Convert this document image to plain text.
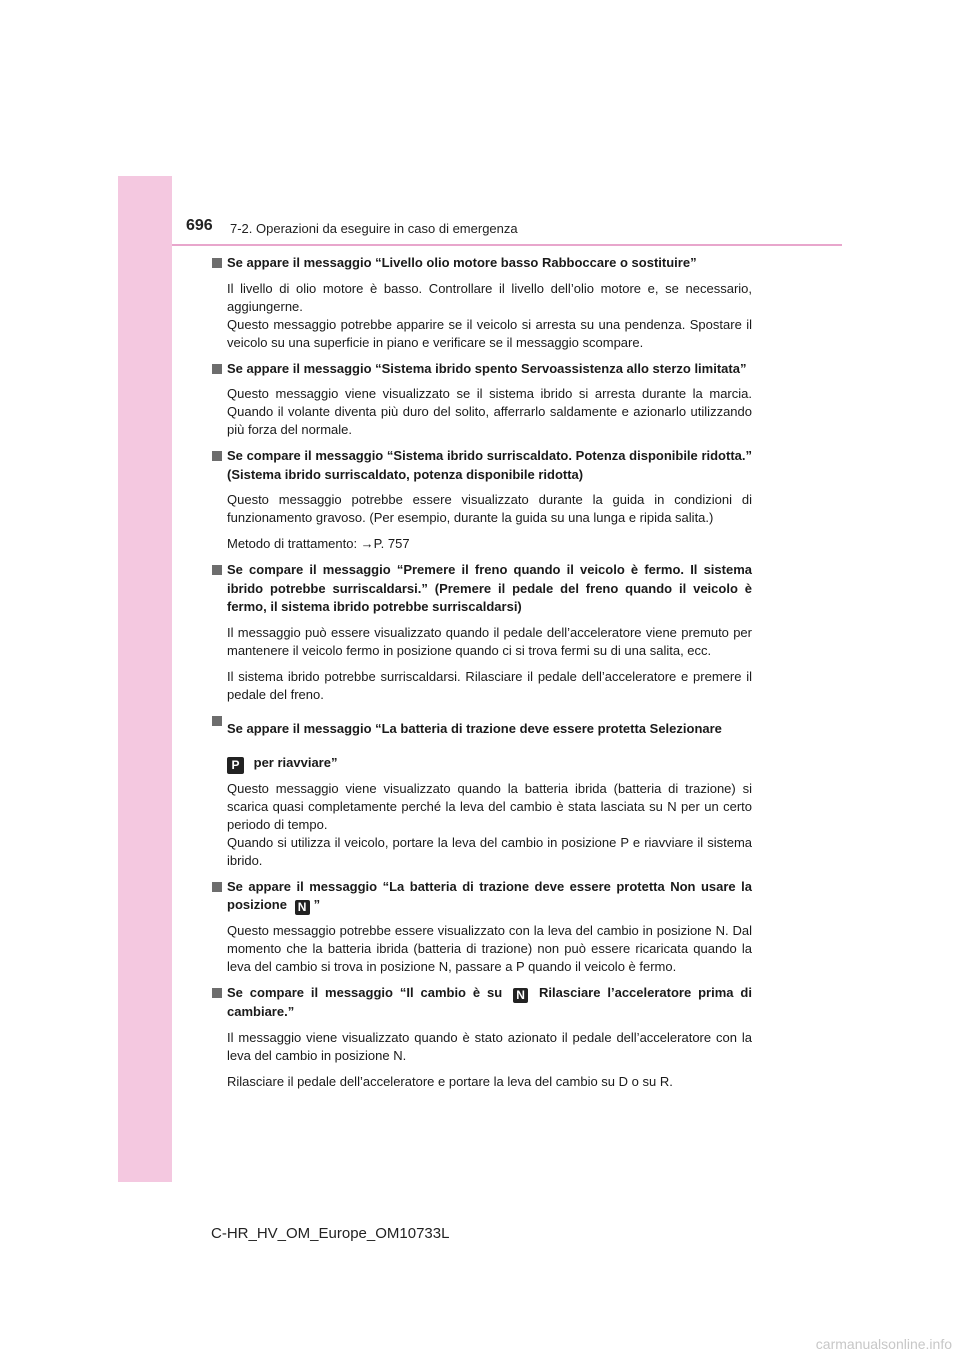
696 7-2. Operazioni da eseguire in caso di emergenza
Se appare il messaggio “Livello olio motore basso Rabboccare o sostituire”

Il livello di olio motore è basso. Controllare il livello dell’olio motore e, se necessario, aggiungerne.

Questo messaggio potrebbe apparire se il veicolo si arresta su una pendenza. Spostare il veicolo su una superficie in piano e verificare se il messaggio scompare.

Se appare il messaggio “Sistema ibrido spento Servoassistenza allo sterzo limitata”

Questo messaggio viene visualizzato se il sistema ibrido si arresta durante la marcia. Quando il volante diventa più duro del solito, afferrarlo saldamente e azionarlo utilizzando più forza del normale.

Se compare il messaggio “Sistema ibrido surriscaldato. Potenza disponibile ridotta.” (Sistema ibrido surriscaldato, potenza disponibile ridotta)

Questo messaggio potrebbe essere visualizzato durante la guida in condizioni di funzionamento gravoso. (Per esempio, durante la guida su una lunga e ripida salita.)

Metodo di trattamento: →P. 757

Se compare il messaggio “Premere il freno quando il veicolo è fermo. Il sistema ibrido potrebbe surriscaldarsi.” (Premere il pedale del freno quando il veicolo è fermo, il sistema ibrido potrebbe surriscaldarsi)

Il messaggio può essere visualizzato quando il pedale dell’acceleratore viene premuto per mantenere il veicolo fermo in posizione quando ci si trova fermi su di una salita, ecc.

Il sistema ibrido potrebbe surriscaldarsi. Rilasciare il pedale dell’acceleratore e premere il pedale del freno.

Se appare il messaggio “La batteria di trazione deve essere protetta Selezionare
P per riavviare”

Questo messaggio viene visualizzato quando la batteria ibrida (batteria di trazione) si scarica quasi completamente perché la leva del cambio è stata lasciata su N per un certo periodo di tempo.

Quando si utilizza il veicolo, portare la leva del cambio in posizione P e riavviare il sistema ibrido.

Se appare il messaggio “La batteria di trazione deve essere protetta Non usare la posizione N ”

Questo messaggio potrebbe essere visualizzato con la leva del cambio in posizione N. Dal momento che la batteria ibrida (batteria di trazione) non può essere ricaricata quando la leva del cambio si trova in posizione N, passare a P quando il veicolo è fermo.

Se compare il messaggio “Il cambio è su N Rilasciare l’acceleratore prima di cambiare.”

Il messaggio viene visualizzato quando è stato azionato il pedale dell’acceleratore con la leva del cambio in posizione N.

Rilasciare il pedale dell’acceleratore e portare la leva del cambio su D o su R.

C-HR_HV_OM_Europe_OM10733L
carmanualsonline.info
